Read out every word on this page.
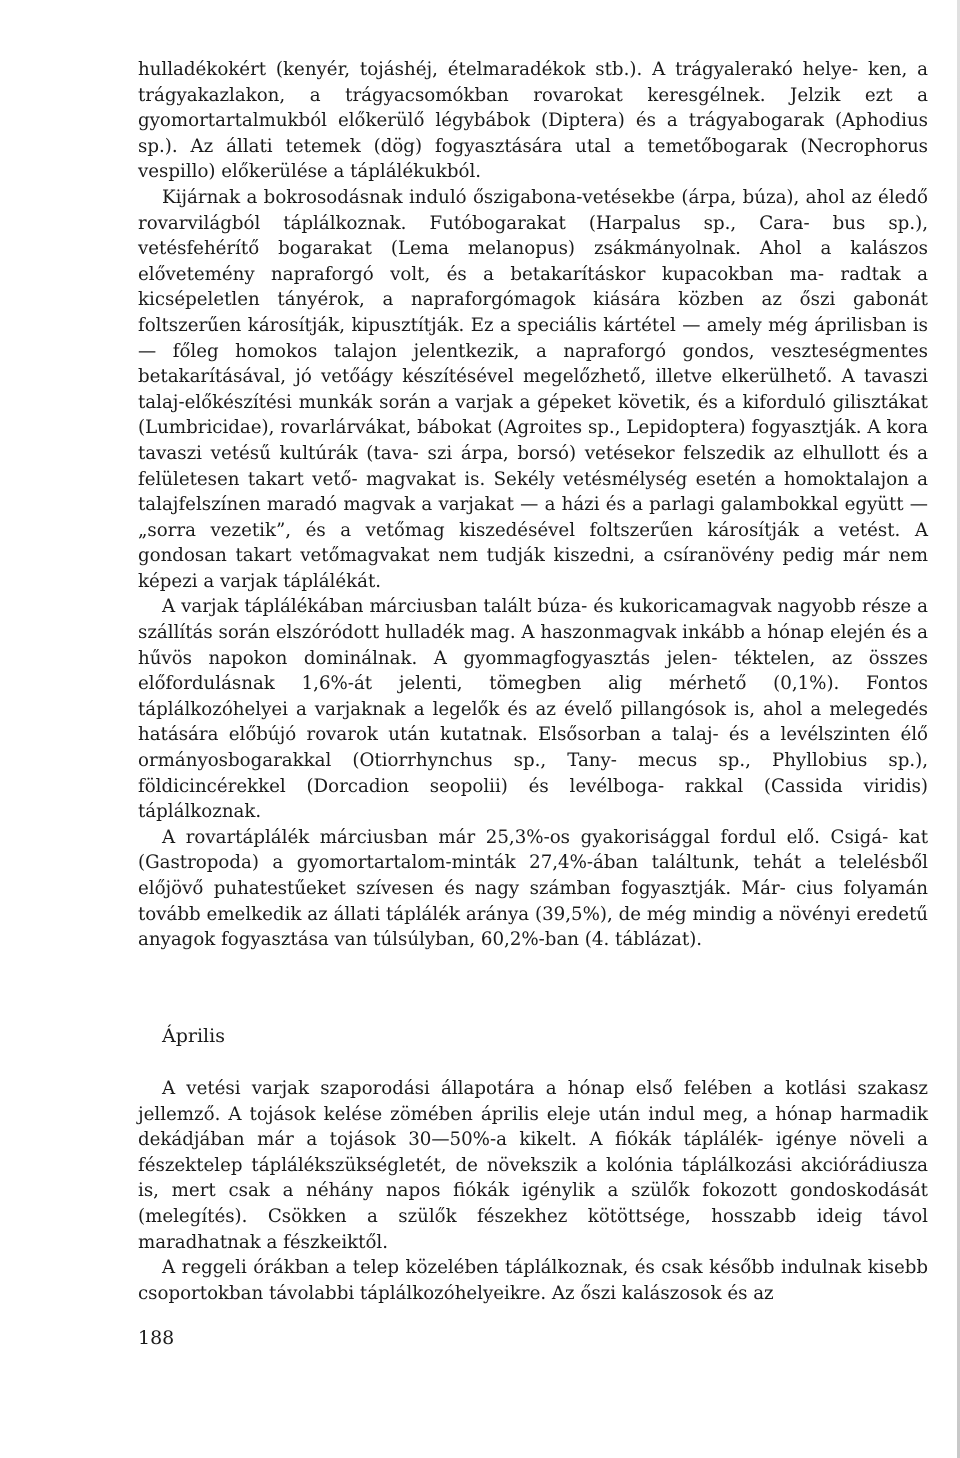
hulladékokért (kenyér, tojáshéj, ételmaradékok stb.). A trágyalerakó helye- ken, a trágyakazlakon, a trágyacsomókban rovarokat keresgélnek. Jelzik ezt a gyomortartalmukból előkerülő légybábok (Diptera) és a trágyabogarak (Aphodius sp.). Az állati tetemek (dög) fogyasztására utal a temetőbogarak (Necrophorus vespillo) előkerülése a táplálékukból.

Kijárnak a bokrosodásnak induló őszigabona-vetésekbe (árpa, búza), ahol az éledő rovarvilágból táplálkoznak. Futóbogarakat (Harpalus sp., Cara- bus sp.), vetésfehérítő bogarakat (Lema melanopus) zsákmányolnak. Ahol a kalászos elővetemény napraforgó volt, és a betakarításkor kupacokban ma- radtak a kicsépeletlen tányérok, a napraforgómagok kiására közben az őszi gabonát foltszerűen károsítják, kipusztítják. Ez a speciális kártétel — amely még áprilisban is — főleg homokos talajon jelentkezik, a napraforgó gondos, veszteségmentes betakarításával, jó vetőágy készítésével megelőzhető, illetve elkerülhető. A tavaszi talaj-előkészítési munkák során a varjak a gépeket követik, és a kiforduló gilisztákat (Lumbricidae), rovarlárvákat, bábokat (Agroites sp., Lepidoptera) fogyasztják. A kora tavaszi vetésű kultúrák (tava- szi árpa, borsó) vetésekor felszedik az elhullott és a felületesen takart vető- magvakat is. Sekély vetésmélység esetén a homoktalajon a talajfelszínen maradó magvak a varjakat — a házi és a parlagi galambokkal együtt — „sorra vezetik”, és a vetőmag kiszedésével foltszerűen károsítják a vetést. A gondosan takart vetőmagvakat nem tudják kiszedni, a csíranövény pedig már nem képezi a varjak táplálékát.

A varjak táplálékában márciusban talált búza- és kukoricamagvak nagyobb része a szállítás során elszóródott hulladék mag. A haszonmagvak inkább a hónap elején és a hűvös napokon dominálnak. A gyommagfogyasztás jelen- téktelen, az összes előfordulásnak 1,6%-át jelenti, tömegben alig mérhető (0,1%). Fontos táplálkozóhelyei a varjaknak a legelők és az évelő pillangósok is, ahol a melegedés hatására előbújó rovarok után kutatnak. Elsősorban a talaj- és a levélszinten élő ormányosbogarakkal (Otiorrhynchus sp., Tany- mecus sp., Phyllobius sp.), földicincérekkel (Dorcadion seopolii) és levélboga- rakkal (Cassida viridis) táplálkoznak.

A rovartáplálék márciusban már 25,3%-os gyakorisággal fordul elő. Csigá- kat (Gastropoda) a gyomortartalom-minták 27,4%-ában találtunk, tehát a telelésből előjövő puhatestűeket szívesen és nagy számban fogyasztják. Már- cius folyamán tovább emelkedik az állati táplálék aránya (39,5%), de még mindig a növényi eredetű anyagok fogyasztása van túlsúlyban, 60,2%-ban (4. táblázat).

Április

A vetési varjak szaporodási állapotára a hónap első felében a kotlási szakasz jellemző. A tojások kelése zömében április eleje után indul meg, a hónap harmadik dekádjában már a tojások 30—50%-a kikelt. A fiókák táplálék- igénye növeli a fészektelep táplálékszükségletét, de növekszik a kolónia táplálkozási akciórádiusza is, mert csak a néhány napos fiókák igénylik a szülők fokozott gondoskodását (melegítés). Csökken a szülők fészekhez kötöttsége, hosszabb ideig távol maradhatnak a fészkeiktől.

A reggeli órákban a telep közelében táplálkoznak, és csak később indulnak kisebb csoportokban távolabbi táplálkozóhelyeikre. Az őszi kalászosok és az

188
